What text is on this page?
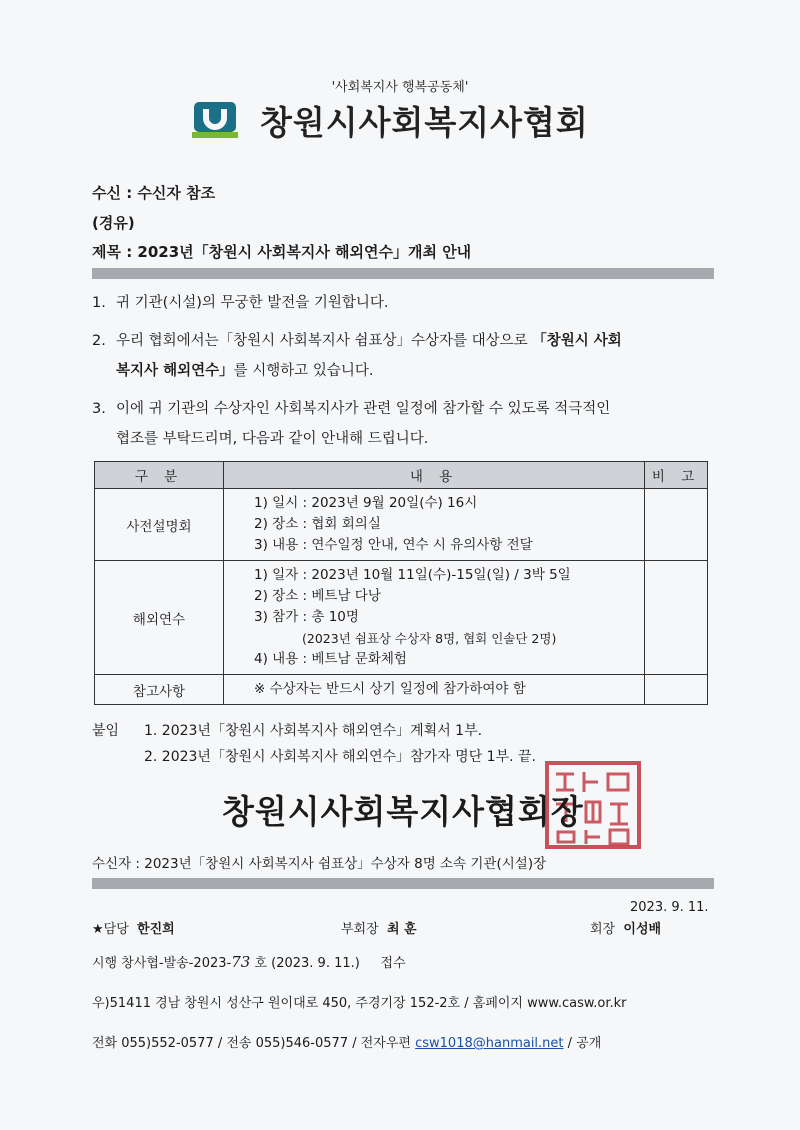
'사회복지사 행복공동체'
창원시사회복지사협회
수신 : 수신자 참조
(경유)
제목 : 2023년「창원시 사회복지사 해외연수」개최 안내
1. 귀 기관(시설)의 무궁한 발전을 기원합니다.
2. 우리 협회에서는「창원시 사회복지사 쉼표상」수상자를 대상으로 「창원시 사회
복지사 해외연수」를 시행하고 있습니다.
3. 이에 귀 기관의 수상자인 사회복지사가 관련 일정에 참가할 수 있도록 적극적인
협조를 부탁드리며, 다음과 같이 안내해 드립니다.
구 분	내 용	비 고
사전설명회	1) 일시 : 2023년 9월 20일(수) 16시
2) 장소 : 협회 회의실
3) 내용 : 연수일정 안내, 연수 시 유의사항 전달	

해외연수	1) 일자 : 2023년 10월 11일(수)-15일(일) / 3박 5일
2) 장소 : 베트남 다낭
3) 참가 : 총 10명
(2023년 쉼표상 수상자 8명, 협회 인솔단 2명)
4) 내용 : 베트남 문화체험	

참고사항	※ 수상자는 반드시 상기 일정에 참가하여야 함	

붙임 1. 2023년「창원시 사회복지사 해외연수」계획서 1부.
2. 2023년「창원시 사회복지사 해외연수」참가자 명단 1부. 끝.
창원시사회복지사협회장
수신자 : 2023년「창원시 사회복지사 쉼표상」수상자 8명 소속 기관(시설)장
2023. 9. 11.
★담당 한진희	부회장 최 훈	회장 이성배
시행 창사협-발송-2023-73 호 (2023. 9. 11.) 접수
우)51411 경남 창원시 성산구 원이대로 450, 주경기장 152-2호 / 홈페이지 www.casw.or.kr
전화 055)552-0577 / 전송 055)546-0577 / 전자우편 csw1018@hanmail.net / 공개
